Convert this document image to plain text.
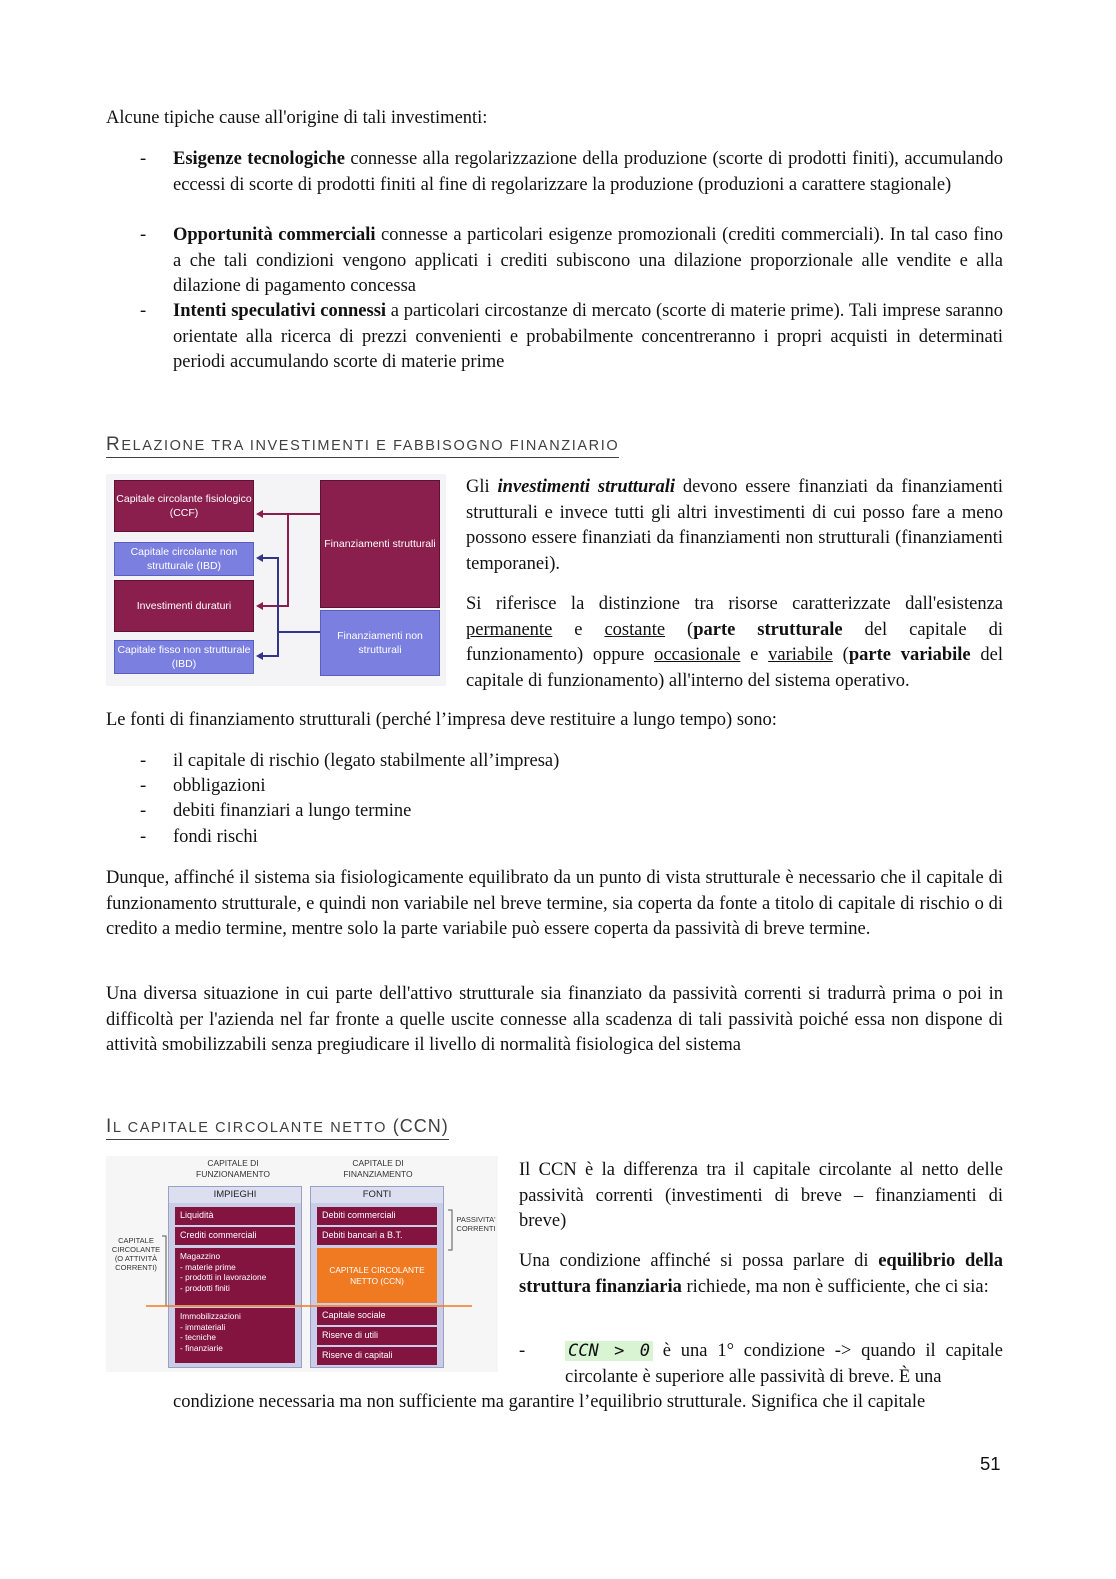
Alcune tipiche cause all'origine di tali investimenti:

- Esigenze tecnologiche connesse alla regolarizzazione della produzione (scorte di prodotti finiti), accumulando eccessi di scorte di prodotti finiti al fine di regolarizzare la produzione (produzioni a carattere stagionale)

- Opportunità commerciali connesse a particolari esigenze promozionali (crediti commerciali). In tal caso fino a che tali condizioni vengono applicati i crediti subiscono una dilazione proporzionale alle vendite e alla dilazione di pagamento concessa

- Intenti speculativi connessi a particolari circostanze di mercato (scorte di materie prime). Tali imprese saranno orientate alla ricerca di prezzi convenienti e probabilmente concentreranno i propri acquisti in determinati periodi accumulando scorte di materie prime

RELAZIONE TRA INVESTIMENTI E FABBISOGNO FINANZIARIO
Capitale circolante fisiologico (CCF)
Capitale circolante non strutturale (IBD)
Investimenti duraturi
Capitale fisso non strutturale (IBD)
Finanziamenti strutturali
Finanziamenti non strutturali

Gli investimenti strutturali devono essere finanziati da finanziamenti strutturali e invece tutti gli altri investimenti di cui posso fare a meno possono essere finanziati da finanziamenti non strutturali (finanziamenti temporanei).

Si riferisce la distinzione tra risorse caratterizzate dall'esistenza permanente e costante (parte strutturale del capitale di funzionamento) oppure occasionale e variabile (parte variabile del capitale di funzionamento) all'interno del sistema operativo.

Le fonti di finanziamento strutturali (perché l’impresa deve restituire a lungo tempo) sono:

- il capitale di rischio (legato stabilmente all’impresa)
- obbligazioni
- debiti finanziari a lungo termine
- fondi rischi

Dunque, affinché il sistema sia fisiologicamente equilibrato da un punto di vista strutturale è necessario che il capitale di funzionamento strutturale, e quindi non variabile nel breve termine, sia coperta da fonte a titolo di capitale di rischio o di credito a medio termine, mentre solo la parte variabile può essere coperta da passività di breve termine.

Una diversa situazione in cui parte dell'attivo strutturale sia finanziato da passività correnti si tradurrà prima o poi in difficoltà per l'azienda nel far fronte a quelle uscite connesse alla scadenza di tali passività poiché essa non dispone di attività smobilizzabili senza pregiudicare il livello di normalità fisiologica del sistema

IL CAPITALE CIRCOLANTE NETTO (CCN)
CAPITALE DI FUNZIONAMENTO
CAPITALE DI FINANZIAMENTO
IMPIEGHI
Liquidità
Crediti commerciali
Magazzino
- materie prime
- prodotti in lavorazione
- prodotti finiti
Immobilizzazioni
- immateriali
- tecniche
- finanziarie
FONTI
Debiti commerciali
Debiti bancari a B.T.
CAPITALE CIRCOLANTE NETTO (CCN)
Capitale sociale
Riserve di utili
Riserve di capitali
CAPITALE CIRCOLANTE (O ATTIVITÀ CORRENTI)
PASSIVITA' CORRENTI

Il CCN è la differenza tra il capitale circolante al netto delle passività correnti (investimenti di breve – finanziamenti di breve)

Una condizione affinché si possa parlare di equilibrio della struttura finanziaria richiede, ma non è sufficiente, che ci sia:

-	CCN > 0 è una 1° condizione -> quando il capitale circolante è superiore alle passività di breve. È una

condizione necessaria ma non sufficiente ma garantire l’equilibrio strutturale. Significa che il capitale

51
